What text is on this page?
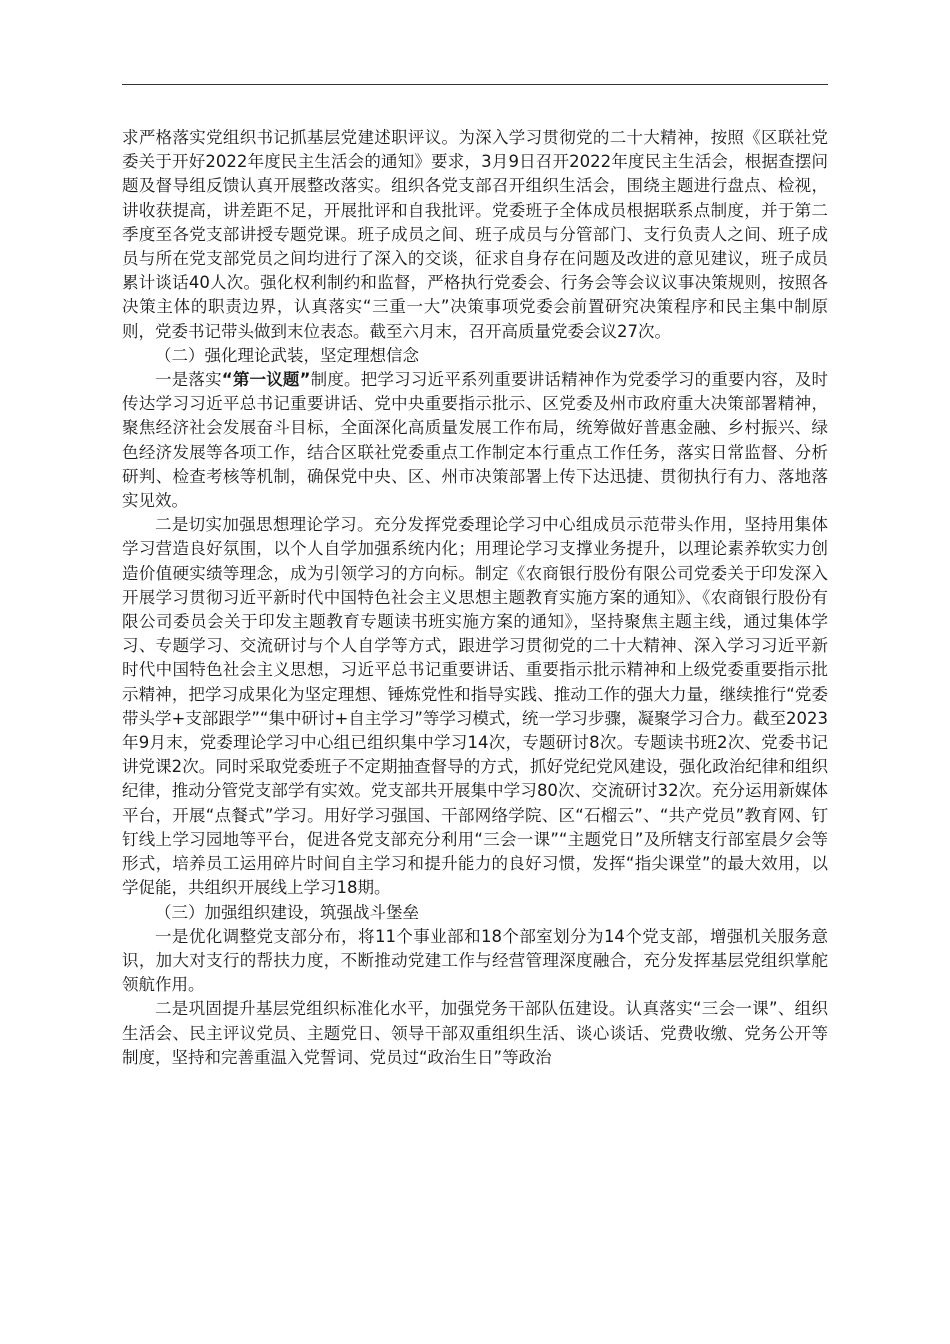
求严格落实党组织书记抓基层党建述职评议。为深入学习贯彻党的二十大精神，按照《区联社党委关于开好2022年度民主生活会的通知》要求，3月9日召开2022年度民主生活会，根据查摆问题及督导组反馈认真开展整改落实。组织各党支部召开组织生活会，围绕主题进行盘点、检视，讲收获提高，讲差距不足，开展批评和自我批评。党委班子全体成员根据联系点制度，并于第二季度至各党支部讲授专题党课。班子成员之间、班子成员与分管部门、支行负责人之间、班子成员与所在党支部党员之间均进行了深入的交谈，征求自身存在问题及改进的意见建议，班子成员累计谈话40人次。强化权利制约和监督，严格执行党委会、行务会等会议议事决策规则，按照各决策主体的职责边界，认真落实“三重一大”决策事项党委会前置研究决策程序和民主集中制原则，党委书记带头做到末位表态。截至六月末，召开高质量党委会议27次。

（二）强化理论武装，坚定理想信念

一是落实“第一议题”制度。把学习习近平系列重要讲话精神作为党委学习的重要内容，及时传达学习习近平总书记重要讲话、党中央重要指示批示、区党委及州市政府重大决策部署精神，聚焦经济社会发展奋斗目标，全面深化高质量发展工作布局，统筹做好普惠金融、乡村振兴、绿色经济发展等各项工作，结合区联社党委重点工作制定本行重点工作任务，落实日常监督、分析研判、检查考核等机制，确保党中央、区、州市决策部署上传下达迅捷、贯彻执行有力、落地落实见效。

二是切实加强思想理论学习。充分发挥党委理论学习中心组成员示范带头作用，坚持用集体学习营造良好氛围，以个人自学加强系统内化；用理论学习支撑业务提升，以理论素养软实力创造价值硬实绩等理念，成为引领学习的方向标。制定《农商银行股份有限公司党委关于印发深入开展学习贯彻习近平新时代中国特色社会主义思想主题教育实施方案的通知》、《农商银行股份有限公司委员会关于印发主题教育专题读书班实施方案的通知》，坚持聚焦主题主线，通过集体学习、专题学习、交流研讨与个人自学等方式，跟进学习贯彻党的二十大精神、深入学习习近平新时代中国特色社会主义思想，习近平总书记重要讲话、重要指示批示精神和上级党委重要指示批示精神，把学习成果化为坚定理想、锤炼党性和指导实践、推动工作的强大力量，继续推行“党委带头学+支部跟学”“集中研讨+自主学习”等学习模式，统一学习步骤，凝聚学习合力。截至2023年9月末，党委理论学习中心组已组织集中学习14次，专题研讨8次。专题读书班2次、党委书记讲党课2次。同时采取党委班子不定期抽查督导的方式，抓好党纪党风建设，强化政治纪律和组织纪律，推动分管党支部学有实效。党支部共开展集中学习80次、交流研讨32次。充分运用新媒体平台，开展“点餐式”学习。用好学习强国、干部网络学院、区“石榴云”、“共产党员”教育网、钉钉线上学习园地等平台，促进各党支部充分利用“三会一课”“主题党日”及所辖支行部室晨夕会等形式，培养员工运用碎片时间自主学习和提升能力的良好习惯，发挥“指尖课堂”的最大效用，以学促能，共组织开展线上学习18期。

（三）加强组织建设，筑强战斗堡垒

一是优化调整党支部分布，将11个事业部和18个部室划分为14个党支部，增强机关服务意识，加大对支行的帮扶力度，不断推动党建工作与经营管理深度融合，充分发挥基层党组织掌舵领航作用。

二是巩固提升基层党组织标准化水平，加强党务干部队伍建设。认真落实“三会一课”、组织生活会、民主评议党员、主题党日、领导干部双重组织生活、谈心谈话、党费收缴、党务公开等制度，坚持和完善重温入党誓词、党员过“政治生日”等政治
